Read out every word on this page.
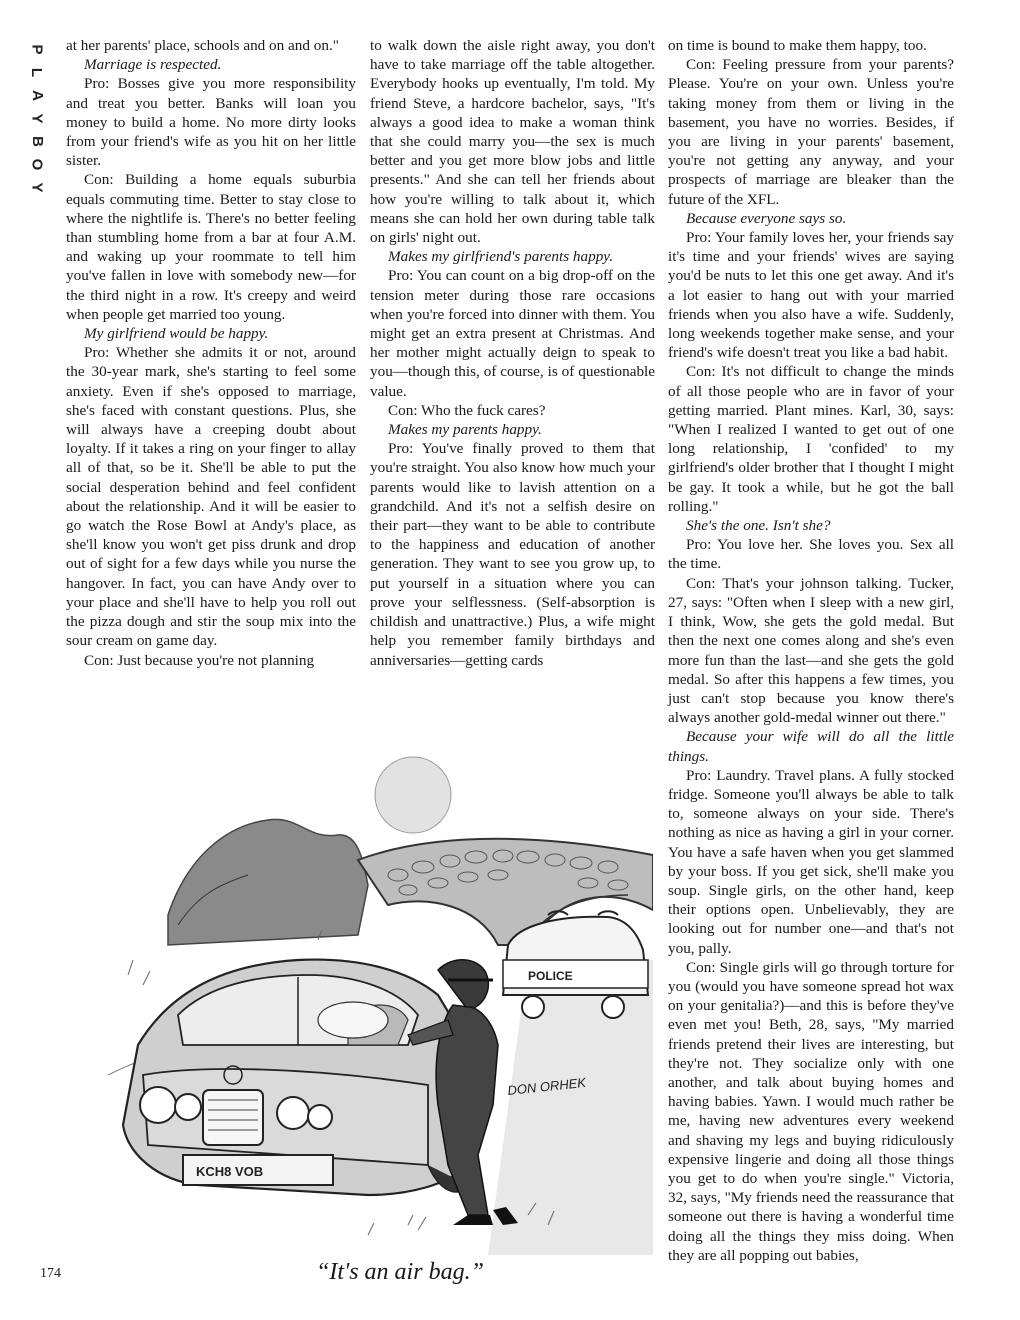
P
L
A
Y
B
O
Y

at her parents' place, schools and on and on."

Marriage is respected.

Pro: Bosses give you more responsibility and treat you better. Banks will loan you money to build a home. No more dirty looks from your friend's wife as you hit on her little sister.

Con: Building a home equals suburbia equals commuting time. Better to stay close to where the nightlife is. There's no better feeling than stumbling home from a bar at four A.M. and waking up your roommate to tell him you've fallen in love with somebody new—for the third night in a row. It's creepy and weird when people get married too young.

My girlfriend would be happy.

Pro: Whether she admits it or not, around the 30-year mark, she's starting to feel some anxiety. Even if she's opposed to marriage, she's faced with constant questions. Plus, she will always have a creeping doubt about loyalty. If it takes a ring on your finger to allay all of that, so be it. She'll be able to put the social desperation behind and feel confident about the relationship. And it will be easier to go watch the Rose Bowl at Andy's place, as she'll know you won't get piss drunk and drop out of sight for a few days while you nurse the hangover. In fact, you can have Andy over to your place and she'll have to help you roll out the pizza dough and stir the soup mix into the sour cream on game day.

Con: Just because you're not planning

to walk down the aisle right away, you don't have to take marriage off the table altogether. Everybody hooks up eventually, I'm told. My friend Steve, a hardcore bachelor, says, "It's always a good idea to make a woman think that she could marry you—the sex is much better and you get more blow jobs and little presents." And she can tell her friends about how you're willing to talk about it, which means she can hold her own during table talk on girls' night out.

Makes my girlfriend's parents happy.

Pro: You can count on a big drop-off on the tension meter during those rare occasions when you're forced into dinner with them. You might get an extra present at Christmas. And her mother might actually deign to speak to you—though this, of course, is of questionable value.

Con: Who the fuck cares?

Makes my parents happy.

Pro: You've finally proved to them that you're straight. You also know how much your parents would like to lavish attention on a grandchild. And it's not a selfish desire on their part—they want to be able to contribute to the happiness and education of another generation. They want to see you grow up, to put yourself in a situation where you can prove your selflessness. (Self-absorption is childish and unattractive.) Plus, a wife might help you remember family birthdays and anniversaries—getting cards

on time is bound to make them happy, too.

Con: Feeling pressure from your parents? Please. You're on your own. Unless you're taking money from them or living in the basement, you have no worries. Besides, if you are living in your parents' basement, you're not getting any anyway, and your prospects of marriage are bleaker than the future of the XFL.

Because everyone says so.

Pro: Your family loves her, your friends say it's time and your friends' wives are saying you'd be nuts to let this one get away. And it's a lot easier to hang out with your married friends when you also have a wife. Suddenly, long weekends together make sense, and your friend's wife doesn't treat you like a bad habit.

Con: It's not difficult to change the minds of all those people who are in favor of your getting married. Plant mines. Karl, 30, says: "When I realized I wanted to get out of one long relationship, I 'confided' to my girlfriend's older brother that I thought I might be gay. It took a while, but he got the ball rolling."

She's the one. Isn't she?

Pro: You love her. She loves you. Sex all the time.

Con: That's your johnson talking. Tucker, 27, says: "Often when I sleep with a new girl, I think, Wow, she gets the gold medal. But then the next one comes along and she's even more fun than the last—and she gets the gold medal. So after this happens a few times, you just can't stop because you know there's always another gold-medal winner out there."

Because your wife will do all the little things.

Pro: Laundry. Travel plans. A fully stocked fridge. Someone you'll always be able to talk to, someone always on your side. There's nothing as nice as having a girl in your corner. You have a safe haven when you get slammed by your boss. If you get sick, she'll make you soup. Single girls, on the other hand, keep their options open. Unbelievably, they are looking out for number one—and that's not you, pally.

Con: Single girls will go through torture for you (would you have someone spread hot wax on your genitalia?)—and this is before they've even met you! Beth, 28, says, "My married friends pretend their lives are interesting, but they're not. They socialize only with one another, and talk about buying homes and having babies. Yawn. I would much rather be me, having new adventures every weekend and shaving my legs and buying ridiculously expensive lingerie and doing all those things you get to do when you're single." Victoria, 32, says, "My friends need the reassurance that someone out there is having a wonderful time doing all the things they miss doing. When they are all popping out babies,

POLICE
KCH8 VOB
DON ORHEK
“It's an air bag.”
174
